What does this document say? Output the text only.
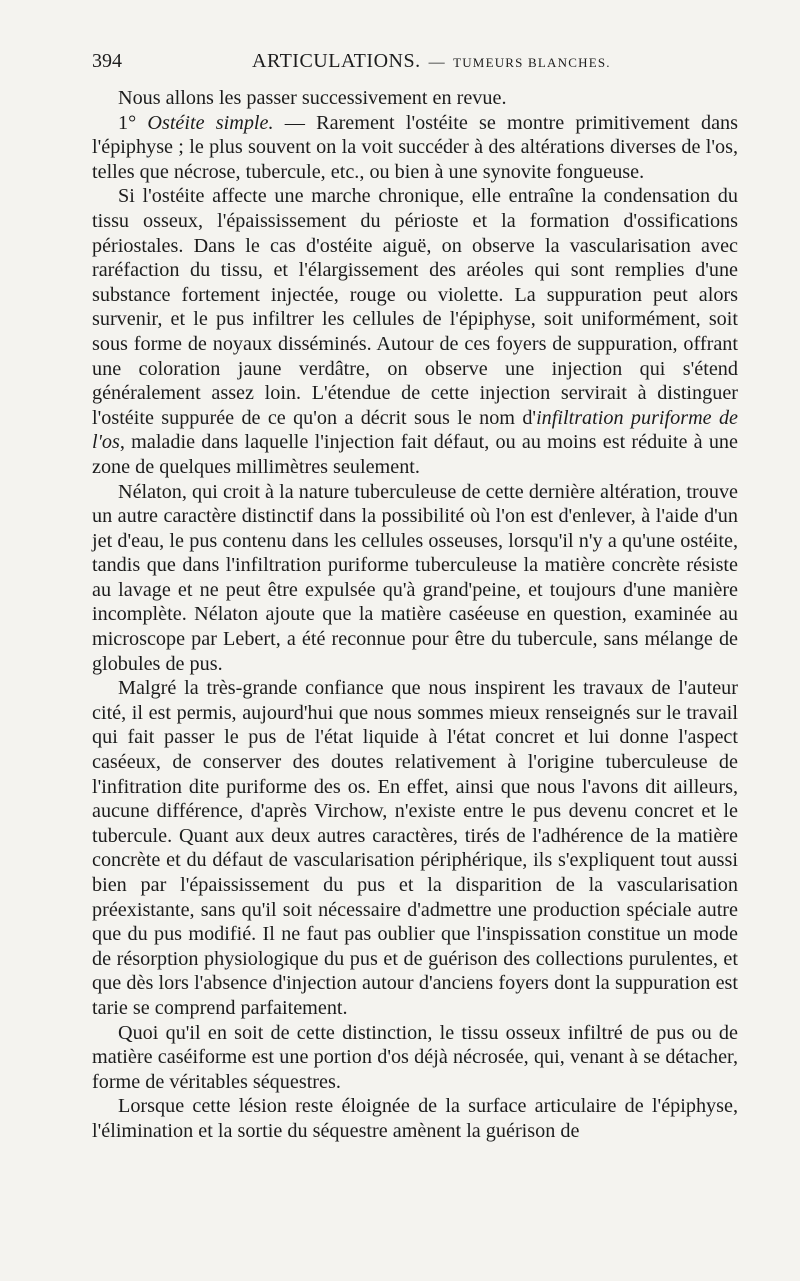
394	ARTICULATIONS. — TUMEURS BLANCHES.

Nous allons les passer successivement en revue.

1° Ostéite simple. — Rarement l'ostéite se montre primitivement dans l'épiphyse ; le plus souvent on la voit succéder à des altérations diverses de l'os, telles que nécrose, tubercule, etc., ou bien à une synovite fongueuse.

Si l'ostéite affecte une marche chronique, elle entraîne la condensation du tissu osseux, l'épaississement du périoste et la formation d'ossifications périostales. Dans le cas d'ostéite aiguë, on observe la vascularisation avec raréfaction du tissu, et l'élargissement des aréoles qui sont remplies d'une substance fortement injectée, rouge ou violette. La suppuration peut alors survenir, et le pus infiltrer les cellules de l'épiphyse, soit uniformément, soit sous forme de noyaux disséminés. Autour de ces foyers de suppuration, offrant une coloration jaune verdâtre, on observe une injection qui s'étend généralement assez loin. L'étendue de cette injection servirait à distinguer l'ostéite suppurée de ce qu'on a décrit sous le nom d'infiltration puriforme de l'os, maladie dans laquelle l'injection fait défaut, ou au moins est réduite à une zone de quelques millimètres seulement.

Nélaton, qui croit à la nature tuberculeuse de cette dernière altération, trouve un autre caractère distinctif dans la possibilité où l'on est d'enlever, à l'aide d'un jet d'eau, le pus contenu dans les cellules osseuses, lorsqu'il n'y a qu'une ostéite, tandis que dans l'infiltration puriforme tuberculeuse la matière concrète résiste au lavage et ne peut être expulsée qu'à grand'peine, et toujours d'une manière incomplète. Nélaton ajoute que la matière caséeuse en question, examinée au microscope par Lebert, a été reconnue pour être du tubercule, sans mélange de globules de pus.

Malgré la très-grande confiance que nous inspirent les travaux de l'auteur cité, il est permis, aujourd'hui que nous sommes mieux renseignés sur le travail qui fait passer le pus de l'état liquide à l'état concret et lui donne l'aspect caséeux, de conserver des doutes relativement à l'origine tuberculeuse de l'infitration dite puriforme des os. En effet, ainsi que nous l'avons dit ailleurs, aucune différence, d'après Virchow, n'existe entre le pus devenu concret et le tubercule. Quant aux deux autres caractères, tirés de l'adhérence de la matière concrète et du défaut de vascularisation périphérique, ils s'expliquent tout aussi bien par l'épaississement du pus et la disparition de la vascularisation préexistante, sans qu'il soit nécessaire d'admettre une production spéciale autre que du pus modifié. Il ne faut pas oublier que l'inspissation constitue un mode de résorption physiologique du pus et de guérison des collections purulentes, et que dès lors l'absence d'injection autour d'anciens foyers dont la suppuration est tarie se comprend parfaitement.

Quoi qu'il en soit de cette distinction, le tissu osseux infiltré de pus ou de matière caséiforme est une portion d'os déjà nécrosée, qui, venant à se détacher, forme de véritables séquestres.

Lorsque cette lésion reste éloignée de la surface articulaire de l'épiphyse, l'élimination et la sortie du séquestre amènent la guérison de
